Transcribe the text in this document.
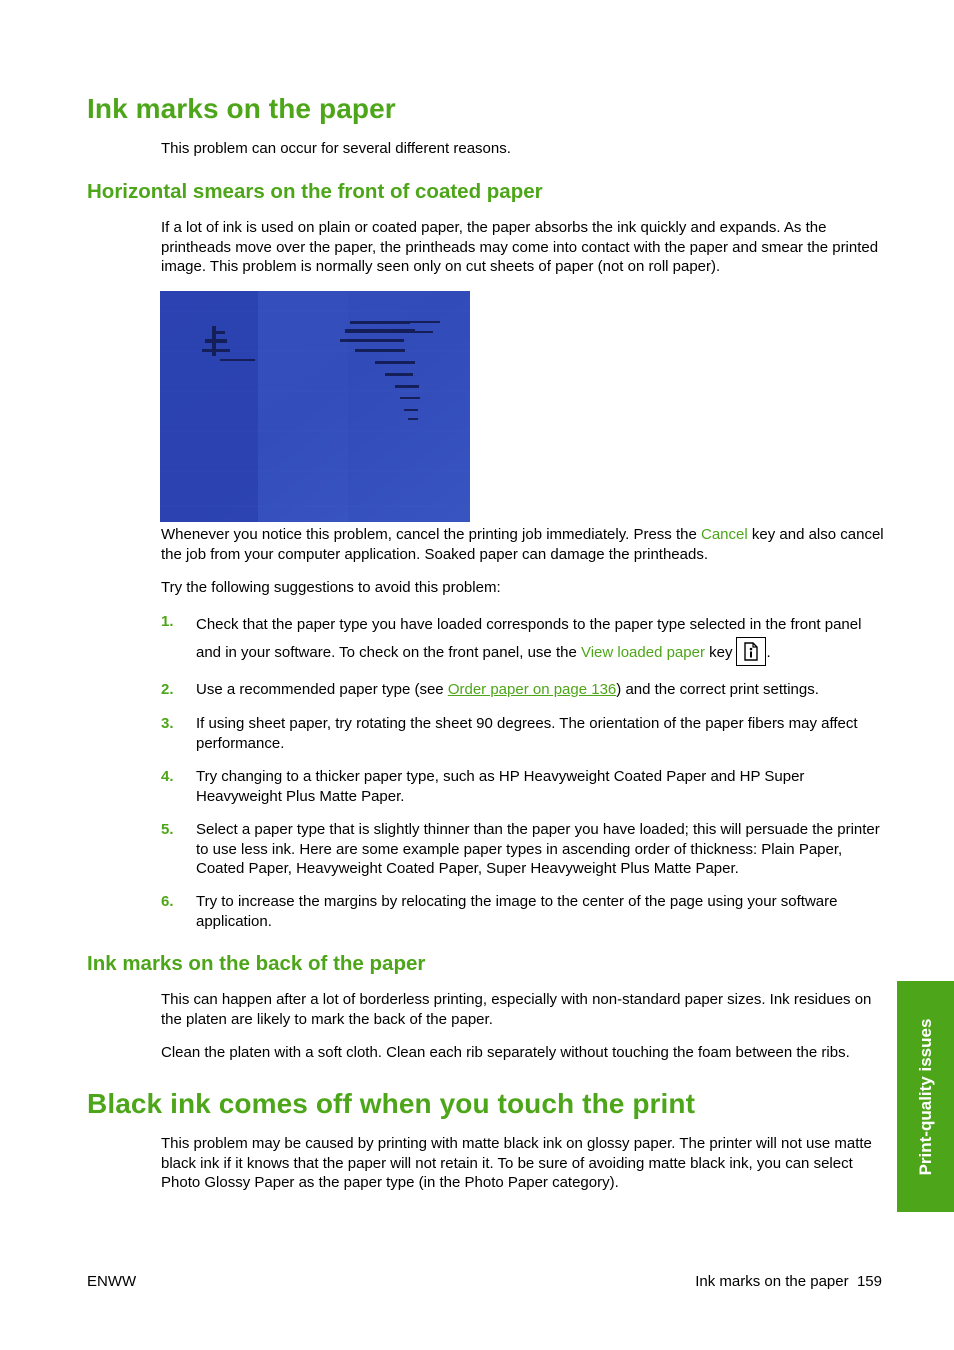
Ink marks on the paper

This problem can occur for several different reasons.

Horizontal smears on the front of coated paper

If a lot of ink is used on plain or coated paper, the paper absorbs the ink quickly and expands. As the printheads move over the paper, the printheads may come into contact with the paper and smear the printed image. This problem is normally seen only on cut sheets of paper (not on roll paper).

Whenever you notice this problem, cancel the printing job immediately. Press the Cancel key and also cancel the job from your computer application. Soaked paper can damage the printheads.

Try the following suggestions to avoid this problem:

1. Check that the paper type you have loaded corresponds to the paper type selected in the front panel and in your software. To check on the front panel, use the View loaded paper key .

2. Use a recommended paper type (see Order paper on page 136) and the correct print settings.

3. If using sheet paper, try rotating the sheet 90 degrees. The orientation of the paper fibers may affect performance.

4. Try changing to a thicker paper type, such as HP Heavyweight Coated Paper and HP Super Heavyweight Plus Matte Paper.

5. Select a paper type that is slightly thinner than the paper you have loaded; this will persuade the printer to use less ink. Here are some example paper types in ascending order of thickness: Plain Paper, Coated Paper, Heavyweight Coated Paper, Super Heavyweight Plus Matte Paper.

6. Try to increase the margins by relocating the image to the center of the page using your software application.

Ink marks on the back of the paper

This can happen after a lot of borderless printing, especially with non-standard paper sizes. Ink residues on the platen are likely to mark the back of the paper.

Clean the platen with a soft cloth. Clean each rib separately without touching the foam between the ribs.

Black ink comes off when you touch the print

This problem may be caused by printing with matte black ink on glossy paper. The printer will not use matte black ink if it knows that the paper will not retain it. To be sure of avoiding matte black ink, you can select Photo Glossy Paper as the paper type (in the Photo Paper category).

Print-quality issues
ENWW	Ink marks on the paper 159
